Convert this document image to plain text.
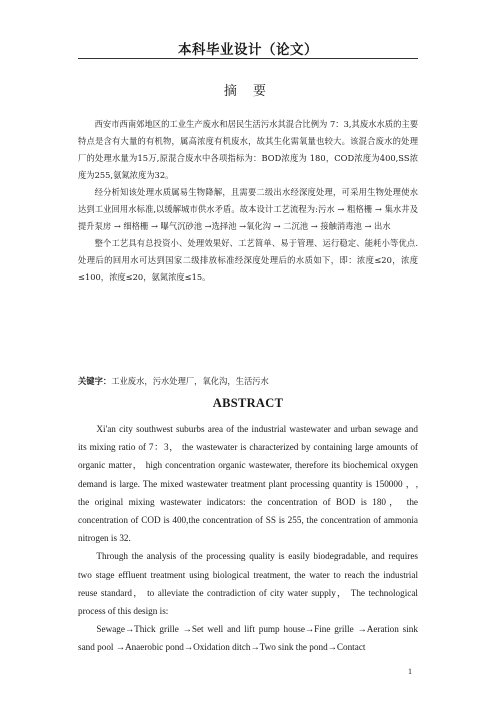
本科毕业设计（论文）
摘 要

西安市西南郊地区的工业生产废水和居民生活污水其混合比例为 7：3,其废水水质的主要特点是含有大量的有机物，属高浓度有机废水，故其生化需氧量也较大。该混合废水的处理厂的处理水量为15万,原混合废水中各项指标为：BOD浓度为 180，COD浓度为400,SS浓度为255,氨氮浓度为32。

经分析知该处理水质属易生物降解，且需要二级出水经深度处理，可采用生物处理使水达到工业回用水标准,以缓解城市供水矛盾。故本设计工艺流程为:污水 → 粗格栅 → 集水井及提升泵房 → 细格栅 → 曝气沉砂池 →选择池 →氧化沟 → 二沉池 → 接触消毒池 → 出水

整个工艺具有总投资小、处理效果好、工艺简单、易于管理、运行稳定、能耗小等优点.处理后的回用水可达到国家二级排放标准经深度处理后的水质如下，即：浓度≤20，浓度≤100，浓度≤20，氨氮浓度≤15。

关键字：工业废水，污水处理厂，氧化沟，生活污水
ABSTRACT

Xi'an city southwest suburbs area of the industrial wastewater and urban sewage and its mixing ratio of 7：3， the wastewater is characterized by containing large amounts of organic matter， high concentration organic wastewater, therefore its biochemical oxygen demand is large. The mixed wastewater treatment plant processing quantity is 150000 ，, the original mixing wastewater indicators: the concentration of BOD is 180， the concentration of COD is 400,the concentration of SS is 255, the concentration of ammonia nitrogen is 32.

Through the analysis of the processing quality is easily biodegradable, and requires two stage effluent treatment using biological treatment, the water to reach the industrial reuse standard， to alleviate the contradiction of city water supply， The technological process of this design is:

Sewage→Thick grille →Set well and lift pump house→Fine grille →Aeration sink sand pool →Anaerobic pond→Oxidation ditch→Two sink the pond→Contact

1
